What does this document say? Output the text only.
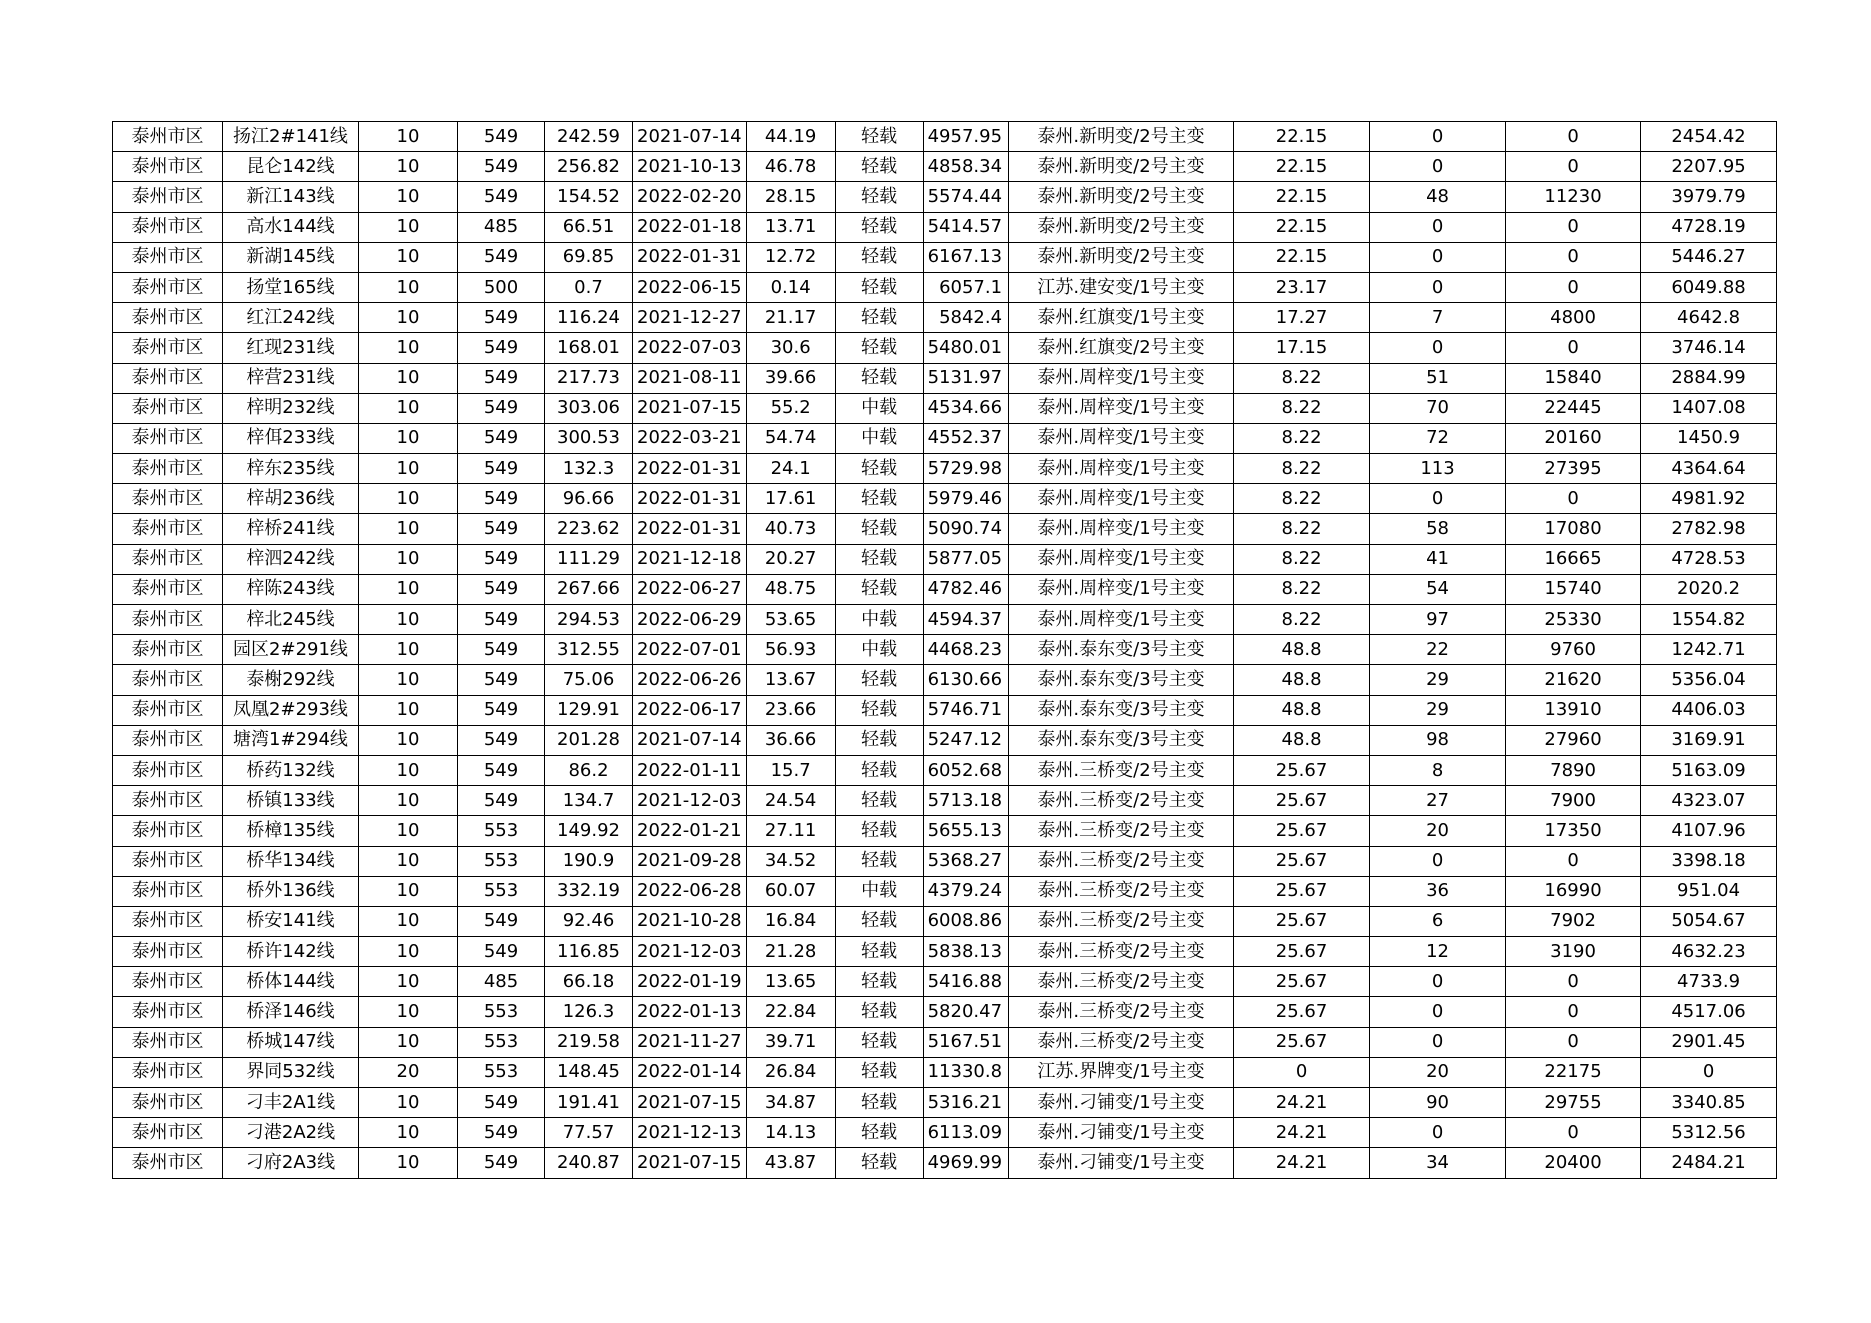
泰州市区	扬江2#141线	10	549	242.59	2021-07-14	44.19	轻载	4957.95	泰州.新明变/2号主变	22.15	0	0	2454.42
泰州市区	昆仑142线	10	549	256.82	2021-10-13	46.78	轻载	4858.34	泰州.新明变/2号主变	22.15	0	0	2207.95
泰州市区	新江143线	10	549	154.52	2022-02-20	28.15	轻载	5574.44	泰州.新明变/2号主变	22.15	48	11230	3979.79
泰州市区	高水144线	10	485	66.51	2022-01-18	13.71	轻载	5414.57	泰州.新明变/2号主变	22.15	0	0	4728.19
泰州市区	新湖145线	10	549	69.85	2022-01-31	12.72	轻载	6167.13	泰州.新明变/2号主变	22.15	0	0	5446.27
泰州市区	扬堂165线	10	500	0.7	2022-06-15	0.14	轻载	6057.1	江苏.建安变/1号主变	23.17	0	0	6049.88
泰州市区	红江242线	10	549	116.24	2021-12-27	21.17	轻载	5842.4	泰州.红旗变/1号主变	17.27	7	4800	4642.8
泰州市区	红现231线	10	549	168.01	2022-07-03	30.6	轻载	5480.01	泰州.红旗变/2号主变	17.15	0	0	3746.14
泰州市区	梓营231线	10	549	217.73	2021-08-11	39.66	轻载	5131.97	泰州.周梓变/1号主变	8.22	51	15840	2884.99
泰州市区	梓明232线	10	549	303.06	2021-07-15	55.2	中载	4534.66	泰州.周梓变/1号主变	8.22	70	22445	1407.08
泰州市区	梓佴233线	10	549	300.53	2022-03-21	54.74	中载	4552.37	泰州.周梓变/1号主变	8.22	72	20160	1450.9
泰州市区	梓东235线	10	549	132.3	2022-01-31	24.1	轻载	5729.98	泰州.周梓变/1号主变	8.22	113	27395	4364.64
泰州市区	梓胡236线	10	549	96.66	2022-01-31	17.61	轻载	5979.46	泰州.周梓变/1号主变	8.22	0	0	4981.92
泰州市区	梓桥241线	10	549	223.62	2022-01-31	40.73	轻载	5090.74	泰州.周梓变/1号主变	8.22	58	17080	2782.98
泰州市区	梓泗242线	10	549	111.29	2021-12-18	20.27	轻载	5877.05	泰州.周梓变/1号主变	8.22	41	16665	4728.53
泰州市区	梓陈243线	10	549	267.66	2022-06-27	48.75	轻载	4782.46	泰州.周梓变/1号主变	8.22	54	15740	2020.2
泰州市区	梓北245线	10	549	294.53	2022-06-29	53.65	中载	4594.37	泰州.周梓变/1号主变	8.22	97	25330	1554.82
泰州市区	园区2#291线	10	549	312.55	2022-07-01	56.93	中载	4468.23	泰州.泰东变/3号主变	48.8	22	9760	1242.71
泰州市区	泰榭292线	10	549	75.06	2022-06-26	13.67	轻载	6130.66	泰州.泰东变/3号主变	48.8	29	21620	5356.04
泰州市区	凤凰2#293线	10	549	129.91	2022-06-17	23.66	轻载	5746.71	泰州.泰东变/3号主变	48.8	29	13910	4406.03
泰州市区	塘湾1#294线	10	549	201.28	2021-07-14	36.66	轻载	5247.12	泰州.泰东变/3号主变	48.8	98	27960	3169.91
泰州市区	桥药132线	10	549	86.2	2022-01-11	15.7	轻载	6052.68	泰州.三桥变/2号主变	25.67	8	7890	5163.09
泰州市区	桥镇133线	10	549	134.7	2021-12-03	24.54	轻载	5713.18	泰州.三桥变/2号主变	25.67	27	7900	4323.07
泰州市区	桥樟135线	10	553	149.92	2022-01-21	27.11	轻载	5655.13	泰州.三桥变/2号主变	25.67	20	17350	4107.96
泰州市区	桥华134线	10	553	190.9	2021-09-28	34.52	轻载	5368.27	泰州.三桥变/2号主变	25.67	0	0	3398.18
泰州市区	桥外136线	10	553	332.19	2022-06-28	60.07	中载	4379.24	泰州.三桥变/2号主变	25.67	36	16990	951.04
泰州市区	桥安141线	10	549	92.46	2021-10-28	16.84	轻载	6008.86	泰州.三桥变/2号主变	25.67	6	7902	5054.67
泰州市区	桥许142线	10	549	116.85	2021-12-03	21.28	轻载	5838.13	泰州.三桥变/2号主变	25.67	12	3190	4632.23
泰州市区	桥体144线	10	485	66.18	2022-01-19	13.65	轻载	5416.88	泰州.三桥变/2号主变	25.67	0	0	4733.9
泰州市区	桥泽146线	10	553	126.3	2022-01-13	22.84	轻载	5820.47	泰州.三桥变/2号主变	25.67	0	0	4517.06
泰州市区	桥城147线	10	553	219.58	2021-11-27	39.71	轻载	5167.51	泰州.三桥变/2号主变	25.67	0	0	2901.45
泰州市区	界同532线	20	553	148.45	2022-01-14	26.84	轻载	11330.8	江苏.界牌变/1号主变	0	20	22175	0
泰州市区	刁丰2A1线	10	549	191.41	2021-07-15	34.87	轻载	5316.21	泰州.刁铺变/1号主变	24.21	90	29755	3340.85
泰州市区	刁港2A2线	10	549	77.57	2021-12-13	14.13	轻载	6113.09	泰州.刁铺变/1号主变	24.21	0	0	5312.56
泰州市区	刁府2A3线	10	549	240.87	2021-07-15	43.87	轻载	4969.99	泰州.刁铺变/1号主变	24.21	34	20400	2484.21
